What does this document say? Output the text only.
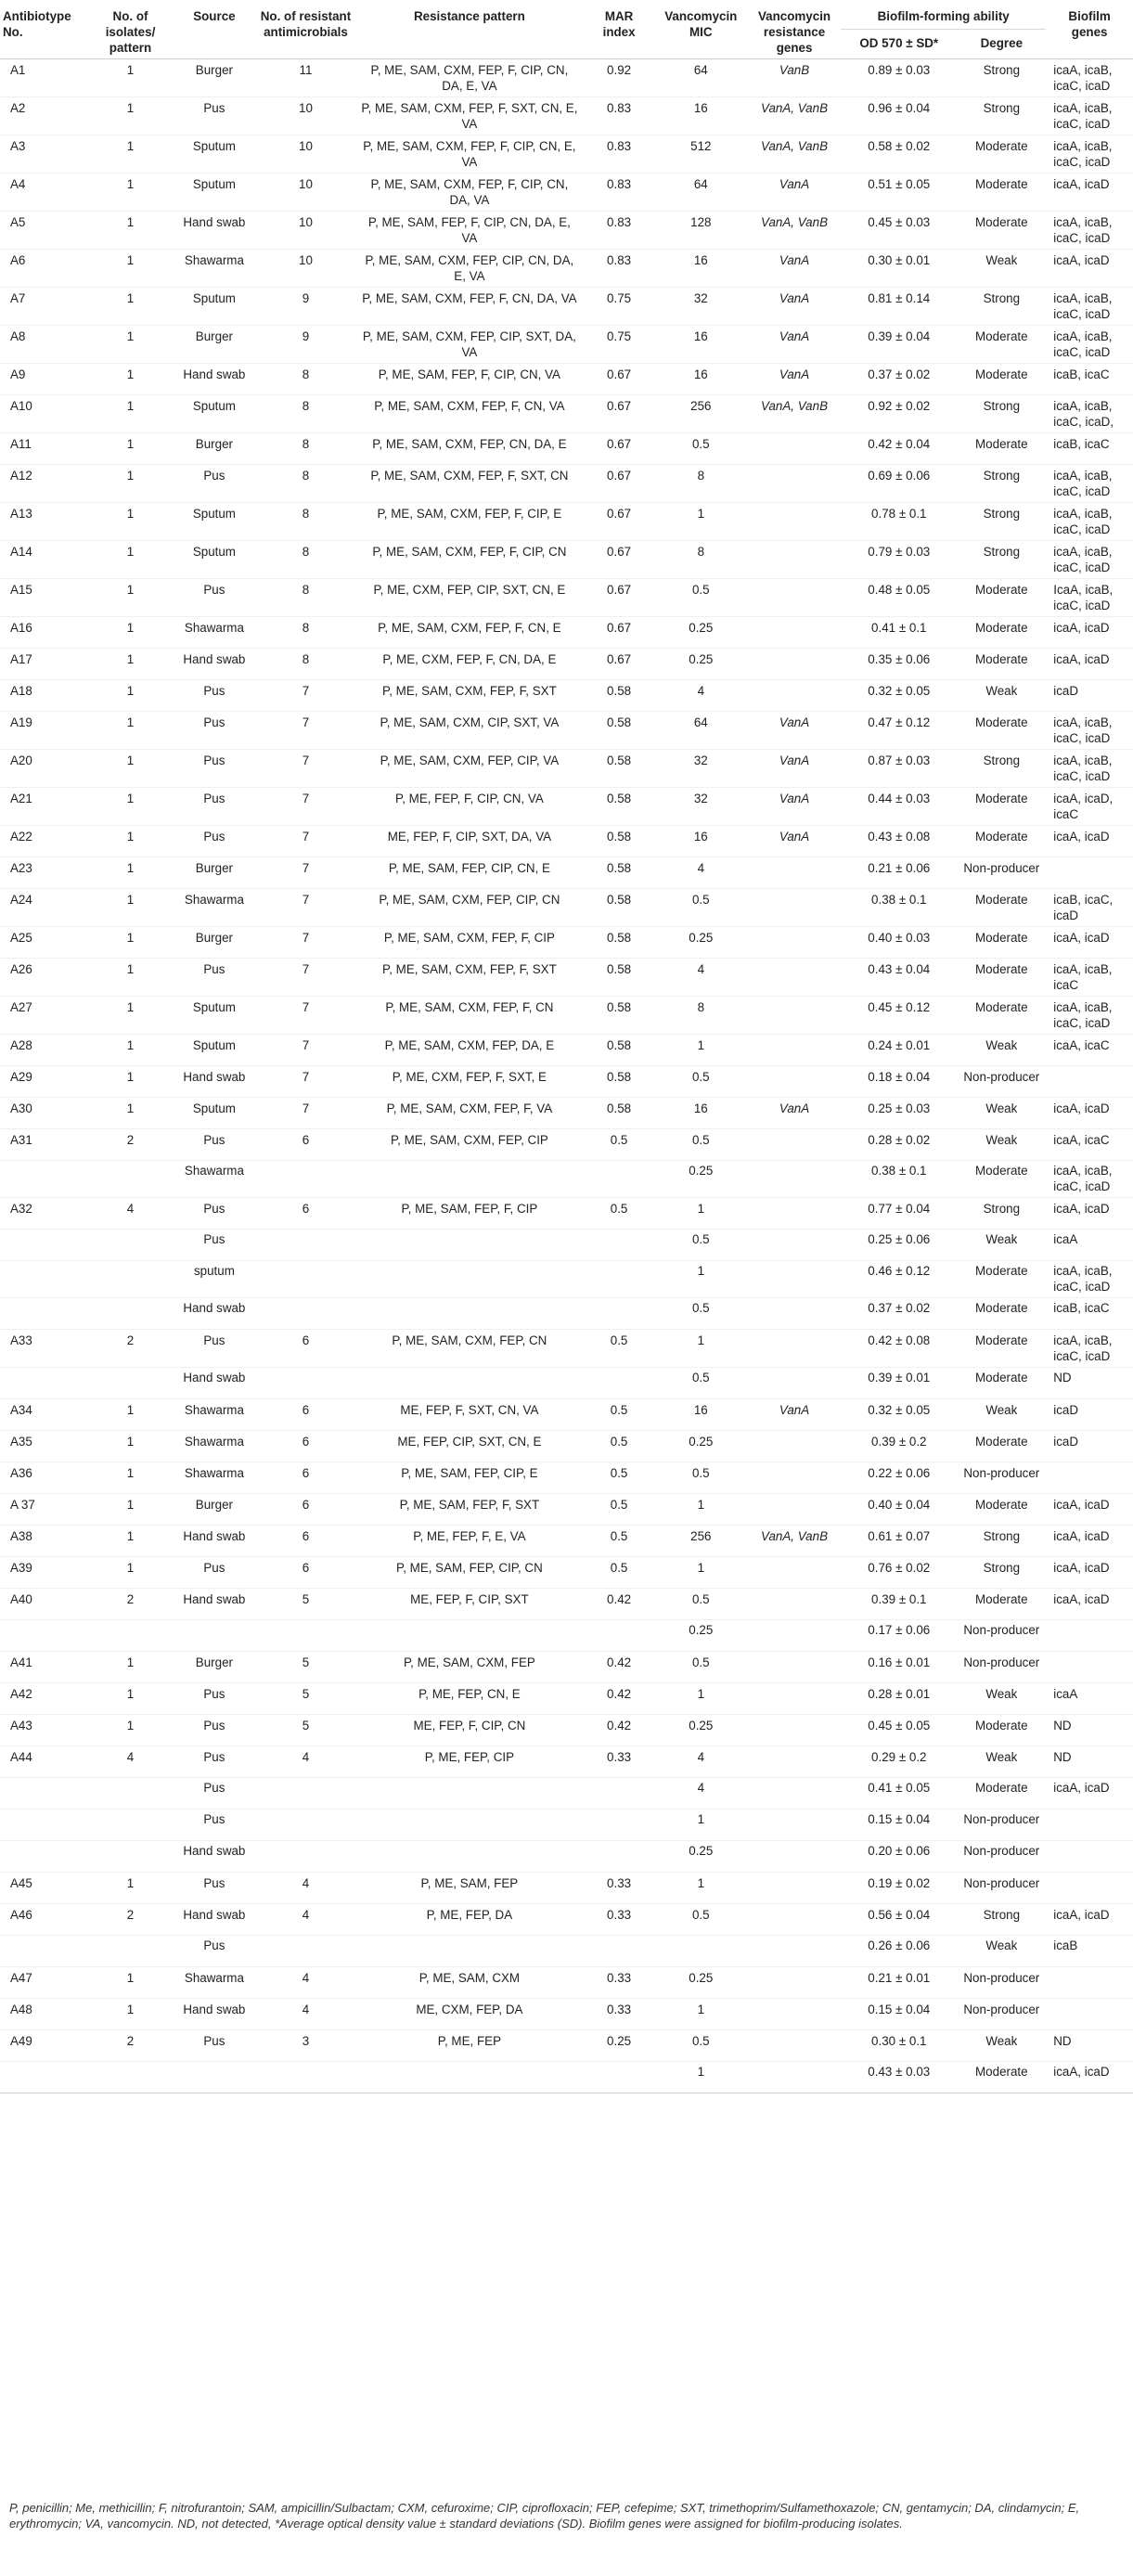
Antibiotype No.	No. of isolates/ pattern	Source	No. of resistant antimicrobials	Resistance pattern	MAR index	Vancomycin MIC	Vancomycin resistance genes	Biofilm-forming ability		Biofilm genes
								OD 570 ± SD*	Degree	
A1	1	Burger	11	P, ME, SAM, CXM, FEP, F, CIP, CN, DA, E, VA	0.92	64	VanB	0.89 ± 0.03	Strong	icaA, icaB, icaC, icaD
A2	1	Pus	10	P, ME, SAM, CXM, FEP, F, SXT, CN, E, VA	0.83	16	VanA, VanB	0.96 ± 0.04	Strong	icaA, icaB, icaC, icaD
A3	1	Sputum	10	P, ME, SAM, CXM, FEP, F, CIP, CN, E, VA	0.83	512	VanA, VanB	0.58 ± 0.02	Moderate	icaA, icaB, icaC, icaD
A4	1	Sputum	10	P, ME, SAM, CXM, FEP, F, CIP, CN, DA, VA	0.83	64	VanA	0.51 ± 0.05	Moderate	icaA, icaD
A5	1	Hand swab	10	P, ME, SAM, FEP, F, CIP, CN, DA, E, VA	0.83	128	VanA, VanB	0.45 ± 0.03	Moderate	icaA, icaB, icaC, icaD
A6	1	Shawarma	10	P, ME, SAM, CXM, FEP, CIP, CN, DA, E, VA	0.83	16	VanA	0.30 ± 0.01	Weak	icaA, icaD
A7	1	Sputum	9	P, ME, SAM, CXM, FEP, F, CN, DA, VA	0.75	32	VanA	0.81 ± 0.14	Strong	icaA, icaB, icaC, icaD
A8	1	Burger	9	P, ME, SAM, CXM, FEP, CIP, SXT, DA, VA	0.75	16	VanA	0.39 ± 0.04	Moderate	icaA, icaB, icaC, icaD
A9	1	Hand swab	8	P, ME, SAM, FEP, F, CIP, CN, VA	0.67	16	VanA	0.37 ± 0.02	Moderate	icaB, icaC
A10	1	Sputum	8	P, ME, SAM, CXM, FEP, F, CN, VA	0.67	256	VanA, VanB	0.92 ± 0.02	Strong	icaA, icaB, icaC, icaD,
A11	1	Burger	8	P, ME, SAM, CXM, FEP, CN, DA, E	0.67	0.5		0.42 ± 0.04	Moderate	icaB, icaC
A12	1	Pus	8	P, ME, SAM, CXM, FEP, F, SXT, CN	0.67	8		0.69 ± 0.06	Strong	icaA, icaB, icaC, icaD
A13	1	Sputum	8	P, ME, SAM, CXM, FEP, F, CIP, E	0.67	1		0.78 ± 0.1	Strong	icaA, icaB, icaC, icaD
A14	1	Sputum	8	P, ME, SAM, CXM, FEP, F, CIP, CN	0.67	8		0.79 ± 0.03	Strong	icaA, icaB, icaC, icaD
A15	1	Pus	8	P, ME, CXM, FEP, CIP, SXT, CN, E	0.67	0.5		0.48 ± 0.05	Moderate	IcaA, icaB, icaC, icaD
A16	1	Shawarma	8	P, ME, SAM, CXM, FEP, F, CN, E	0.67	0.25		0.41 ± 0.1	Moderate	icaA, icaD
A17	1	Hand swab	8	P, ME, CXM, FEP, F, CN, DA, E	0.67	0.25		0.35 ± 0.06	Moderate	icaA, icaD
A18	1	Pus	7	P, ME, SAM, CXM, FEP, F, SXT	0.58	4		0.32 ± 0.05	Weak	icaD
A19	1	Pus	7	P, ME, SAM, CXM, CIP, SXT, VA	0.58	64	VanA	0.47 ± 0.12	Moderate	icaA, icaB, icaC, icaD
A20	1	Pus	7	P, ME, SAM, CXM, FEP, CIP, VA	0.58	32	VanA	0.87 ± 0.03	Strong	icaA, icaB, icaC, icaD
A21	1	Pus	7	P, ME, FEP, F, CIP, CN, VA	0.58	32	VanA	0.44 ± 0.03	Moderate	icaA, icaD, icaC
A22	1	Pus	7	ME, FEP, F, CIP, SXT, DA, VA	0.58	16	VanA	0.43 ± 0.08	Moderate	icaA, icaD
A23	1	Burger	7	P, ME, SAM, FEP, CIP, CN, E	0.58	4		0.21 ± 0.06	Non-producer	
A24	1	Shawarma	7	P, ME, SAM, CXM, FEP, CIP, CN	0.58	0.5		0.38 ± 0.1	Moderate	icaB, icaC, icaD
A25	1	Burger	7	P, ME, SAM, CXM, FEP, F, CIP	0.58	0.25		0.40 ± 0.03	Moderate	icaA, icaD
A26	1	Pus	7	P, ME, SAM, CXM, FEP, F, SXT	0.58	4		0.43 ± 0.04	Moderate	icaA, icaB, icaC
A27	1	Sputum	7	P, ME, SAM, CXM, FEP, F, CN	0.58	8		0.45 ± 0.12	Moderate	icaA, icaB, icaC, icaD
A28	1	Sputum	7	P, ME, SAM, CXM, FEP, DA, E	0.58	1		0.24 ± 0.01	Weak	icaA, icaC
A29	1	Hand swab	7	P, ME, CXM, FEP, F, SXT, E	0.58	0.5		0.18 ± 0.04	Non-producer	
A30	1	Sputum	7	P, ME, SAM, CXM, FEP, F, VA	0.58	16	VanA	0.25 ± 0.03	Weak	icaA, icaD
A31	2	Pus	6	P, ME, SAM, CXM, FEP, CIP	0.5	0.5		0.28 ± 0.02	Weak	icaA, icaC
		Shawarma				0.25		0.38 ± 0.1	Moderate	icaA, icaB, icaC, icaD
A32	4	Pus	6	P, ME, SAM, FEP, F, CIP	0.5	1		0.77 ± 0.04	Strong	icaA, icaD
		Pus				0.5		0.25 ± 0.06	Weak	icaA
		sputum				1		0.46 ± 0.12	Moderate	icaA, icaB, icaC, icaD
		Hand swab				0.5		0.37 ± 0.02	Moderate	icaB, icaC
A33	2	Pus	6	P, ME, SAM, CXM, FEP, CN	0.5	1		0.42 ± 0.08	Moderate	icaA, icaB, icaC, icaD
		Hand swab				0.5		0.39 ± 0.01	Moderate	ND
A34	1	Shawarma	6	ME, FEP, F, SXT, CN, VA	0.5	16	VanA	0.32 ± 0.05	Weak	icaD
A35	1	Shawarma	6	ME, FEP, CIP, SXT, CN, E	0.5	0.25		0.39 ± 0.2	Moderate	icaD
A36	1	Shawarma	6	P, ME, SAM, FEP, CIP, E	0.5	0.5		0.22 ± 0.06	Non-producer	
A 37	1	Burger	6	P, ME, SAM, FEP, F, SXT	0.5	1		0.40 ± 0.04	Moderate	icaA, icaD
A38	1	Hand swab	6	P, ME, FEP, F, E, VA	0.5	256	VanA, VanB	0.61 ± 0.07	Strong	icaA, icaD
A39	1	Pus	6	P, ME, SAM, FEP, CIP, CN	0.5	1		0.76 ± 0.02	Strong	icaA, icaD
A40	2	Hand swab	5	ME, FEP, F, CIP, SXT	0.42	0.5		0.39 ± 0.1	Moderate	icaA, icaD
						0.25		0.17 ± 0.06	Non-producer	
A41	1	Burger	5	P, ME, SAM, CXM, FEP	0.42	0.5		0.16 ± 0.01	Non-producer	
A42	1	Pus	5	P, ME, FEP, CN, E	0.42	1		0.28 ± 0.01	Weak	icaA
A43	1	Pus	5	ME, FEP, F, CIP, CN	0.42	0.25		0.45 ± 0.05	Moderate	ND
A44	4	Pus	4	P, ME, FEP, CIP	0.33	4		0.29 ± 0.2	Weak	ND
		Pus				4		0.41 ± 0.05	Moderate	icaA, icaD
		Pus				1		0.15 ± 0.04	Non-producer	
		Hand swab				0.25		0.20 ± 0.06	Non-producer	
A45	1	Pus	4	P, ME, SAM, FEP	0.33	1		0.19 ± 0.02	Non-producer	
A46	2	Hand swab	4	P, ME, FEP, DA	0.33	0.5		0.56 ± 0.04	Strong	icaA, icaD
		Pus						0.26 ± 0.06	Weak	icaB
A47	1	Shawarma	4	P, ME, SAM, CXM	0.33	0.25		0.21 ± 0.01	Non-producer	
A48	1	Hand swab	4	ME, CXM, FEP, DA	0.33	1		0.15 ± 0.04	Non-producer	
A49	2	Pus	3	P, ME, FEP	0.25	0.5		0.30 ± 0.1	Weak	ND
						1		0.43 ± 0.03	Moderate	icaA, icaD
P, penicillin; Me, methicillin; F, nitrofurantoin; SAM, ampicillin/Sulbactam; CXM, cefuroxime; CIP, ciprofloxacin; FEP, cefepime; SXT, trimethoprim/Sulfamethoxazole; CN, gentamycin; DA, clindamycin; E, erythromycin; VA, vancomycin. ND, not detected, *Average optical density value ± standard deviations (SD). Biofilm genes were assigned for biofilm-producing isolates.
